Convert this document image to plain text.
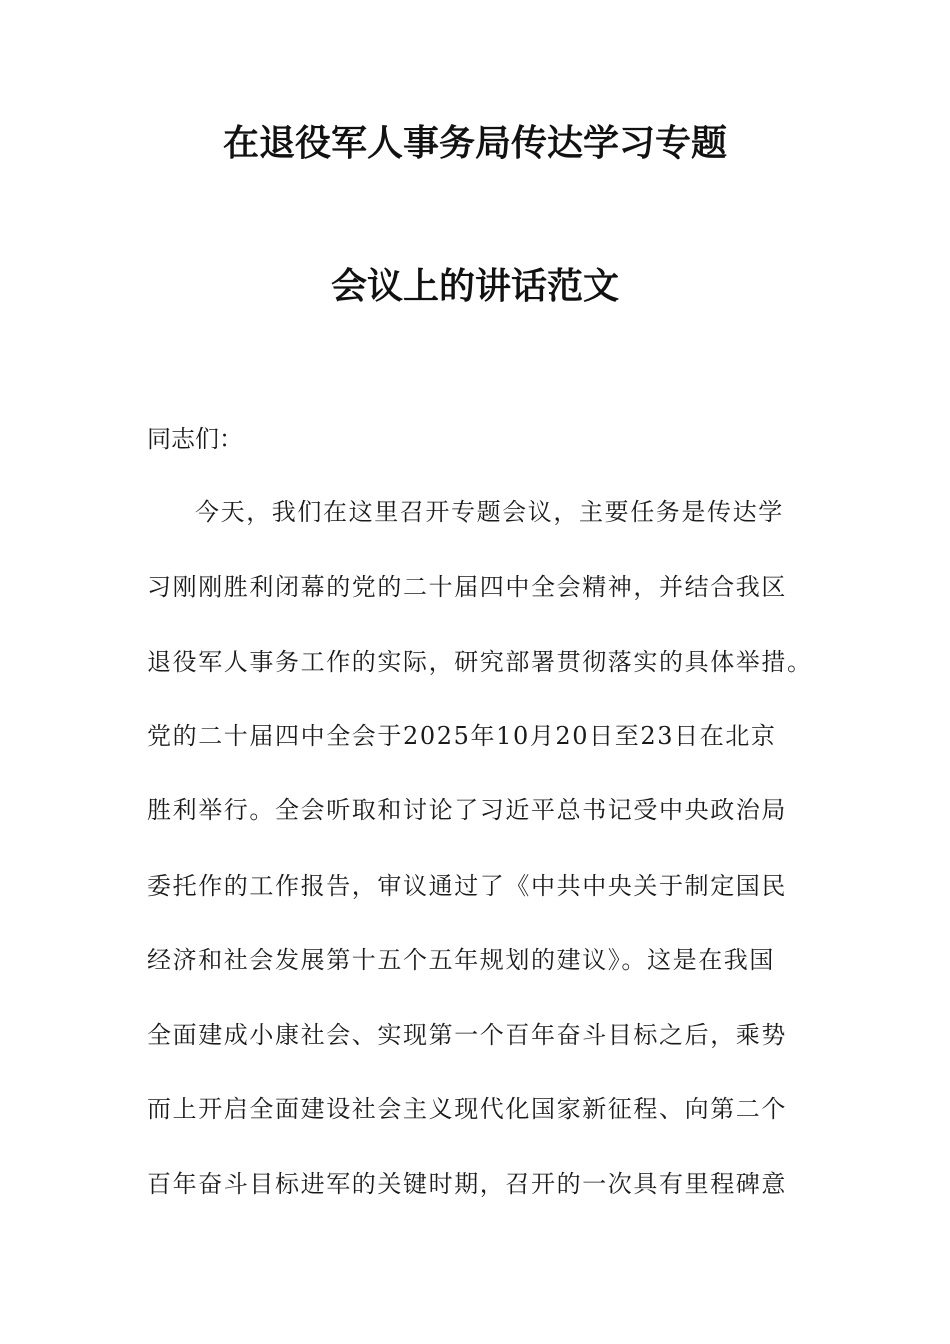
在退役军人事务局传达学习专题
会议上的讲话范文
同志们：
今天，我们在这里召开专题会议，主要任务是传达学
习刚刚胜利闭幕的党的二十届四中全会精神，并结合我区
退役军人事务工作的实际，研究部署贯彻落实的具体举措。
党的二十届四中全会于2025年10月20日至23日在北京
胜利举行。全会听取和讨论了习近平总书记受中央政治局
委托作的工作报告，审议通过了《中共中央关于制定国民
经济和社会发展第十五个五年规划的建议》。这是在我国
全面建成小康社会、实现第一个百年奋斗目标之后，乘势
而上开启全面建设社会主义现代化国家新征程、向第二个
百年奋斗目标进军的关键时期，召开的一次具有里程碑意
